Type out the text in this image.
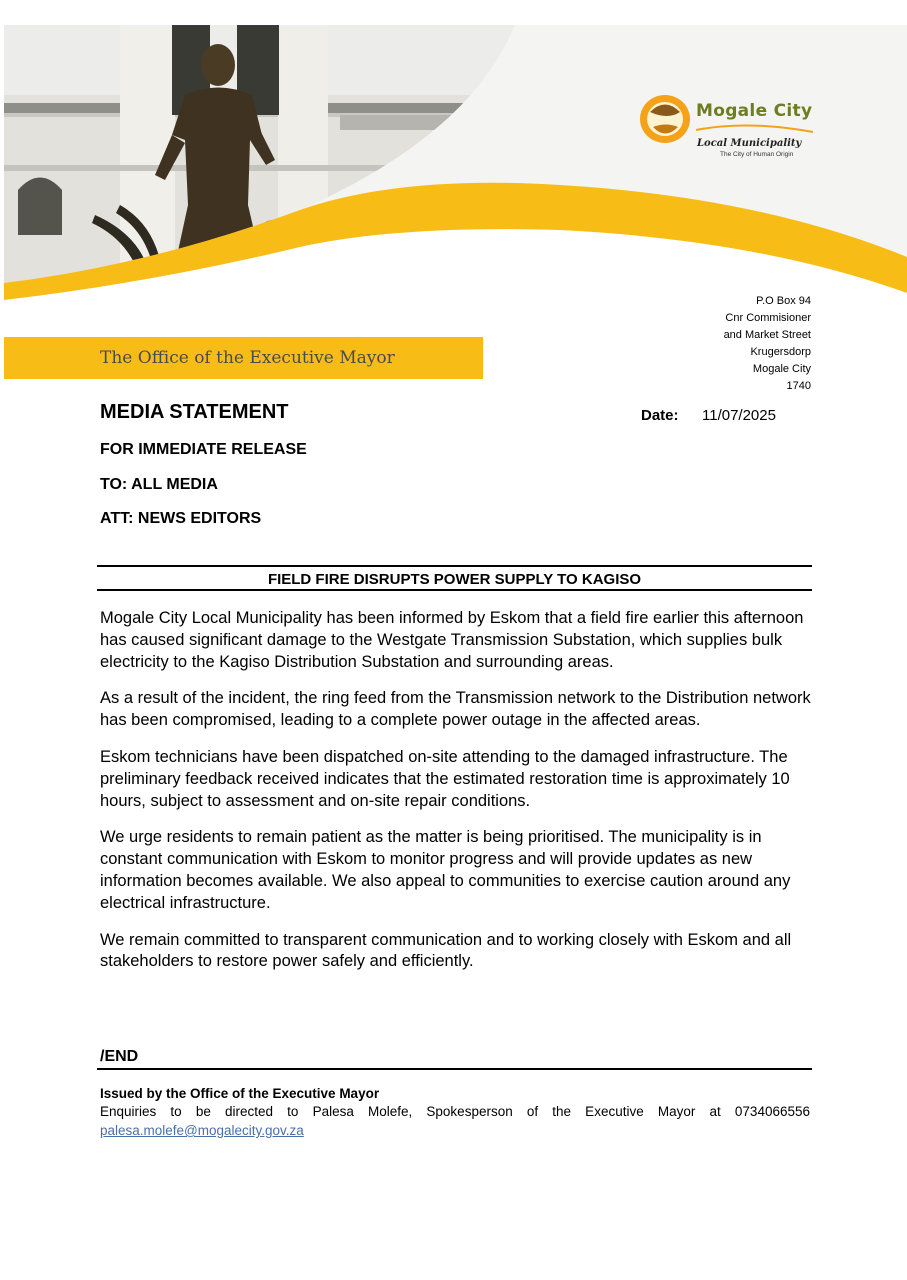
Mogale City
Local Municipality
The City of Human Origin
P.O Box 94
Cnr Commisioner
and Market Street
Krugersdorp
Mogale City
1740
The Office of the Executive Mayor
MEDIA STATEMENT	Date: 11/07/2025
FOR IMMEDIATE RELEASE
TO: ALL MEDIA
ATT: NEWS EDITORS
FIELD FIRE DISRUPTS POWER SUPPLY TO KAGISO

Mogale City Local Municipality has been informed by Eskom that a field fire earlier this afternoon has caused significant damage to the Westgate Transmission Substation, which supplies bulk electricity to the Kagiso Distribution Substation and surrounding areas.

As a result of the incident, the ring feed from the Transmission network to the Distribution network has been compromised, leading to a complete power outage in the affected areas.

Eskom technicians have been dispatched on-site attending to the damaged infrastructure. The preliminary feedback received indicates that the estimated restoration time is approximately 10 hours, subject to assessment and on-site repair conditions.

We urge residents to remain patient as the matter is being prioritised. The municipality is in constant communication with Eskom to monitor progress and will provide updates as new information becomes available. We also appeal to communities to exercise caution around any electrical infrastructure.

We remain committed to transparent communication and to working closely with Eskom and all stakeholders to restore power safely and efficiently.

/END
Issued by the Office of the Executive Mayor
Enquiries to be directed to Palesa Molefe, Spokesperson of the Executive Mayor at 0734066556
palesa.molefe@mogalecity.gov.za
